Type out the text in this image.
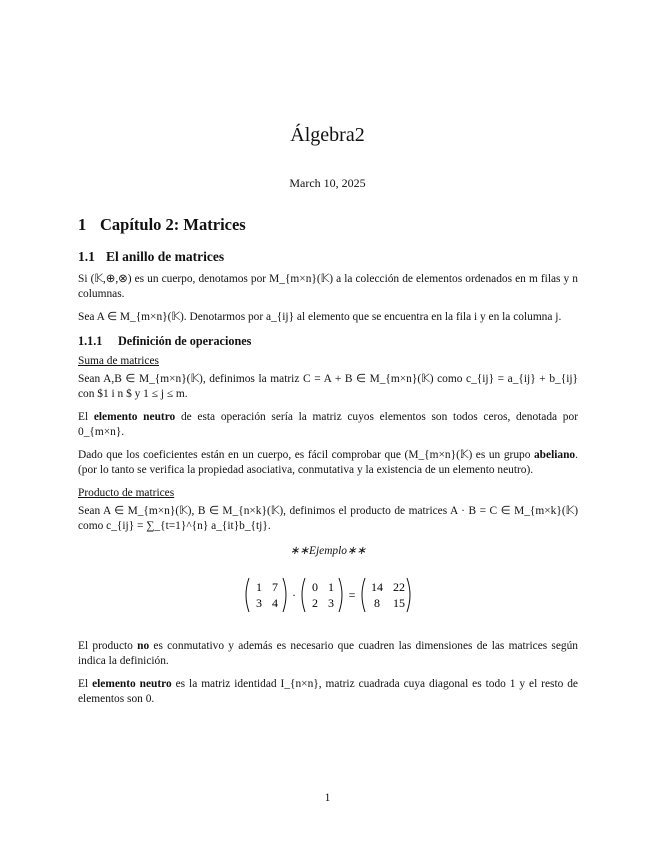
Álgebra2
March 10, 2025
1 Capítulo 2: Matrices
1.1 El anillo de matrices

Si (𝕂,⊕,⊗) es un cuerpo, denotamos por M_{m×n}(𝕂) a la colección de elementos ordenados en m filas y n columnas.

Sea A ∈ M_{m×n}(𝕂). Denotarmos por a_{ij} al elemento que se encuentra en la fila i y en la columna j.

1.1.1 Definición de operaciones

Suma de matrices

Sean A,B ∈ M_{m×n}(𝕂), definimos la matriz C = A + B ∈ M_{m×n}(𝕂) como c_{ij} = a_{ij} + b_{ij} con $1 i n $ y 1 ≤ j ≤ m.

El elemento neutro de esta operación sería la matriz cuyos elementos son todos ceros, denotada por 0_{m×n}.

Dado que los coeficientes están en un cuerpo, es fácil comprobar que (M_{m×n}(𝕂) es un grupo abeliano. (por lo tanto se verifica la propiedad asociativa, conmutativa y la existencia de un elemento neutro).

Producto de matrices

Sean A ∈ M_{m×n}(𝕂), B ∈ M_{n×k}(𝕂), definimos el producto de matrices A · B = C ∈ M_{m×k}(𝕂) como c_{ij} = ∑_{t=1}^{n} a_{it}b_{tj}.

∗∗Ejemplo∗∗
1 7
3 4
·
0 1
2 3
=
14 22
8 15

El producto no es conmutativo y además es necesario que cuadren las dimensiones de las matrices según indica la definición.

El elemento neutro es la matriz identidad I_{n×n}, matriz cuadrada cuya diagonal es todo 1 y el resto de elementos son 0.

1
